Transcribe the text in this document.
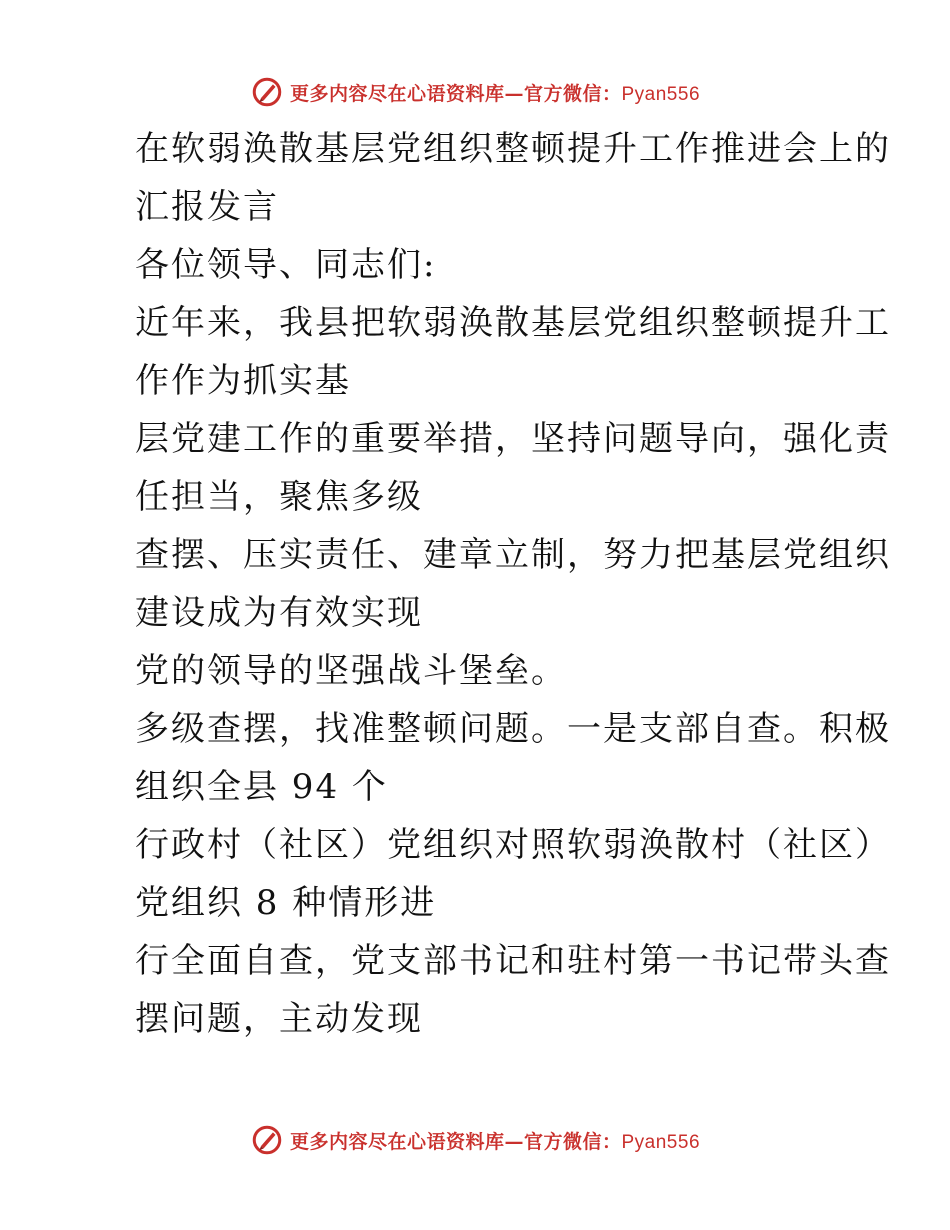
更多内容尽在心语资料库—官方微信：Pyan556

在软弱涣散基层党组织整顿提升工作推进会上的
汇报发言

各位领导、同志们:

近年来，我县把软弱涣散基层党组织整顿提升工
作作为抓实基

层党建工作的重要举措，坚持问题导向，强化责
任担当，聚焦多级

查摆、压实责任、建章立制，努力把基层党组织
建设成为有效实现

党的领导的坚强战斗堡垒。

多级查摆，找准整顿问题。一是支部自查。积极
组织全县 94 个

行政村（社区）党组织对照软弱涣散村（社区）
党组织 8 种情形进

行全面自查，党支部书记和驻村第一书记带头查
摆问题，主动发现

更多内容尽在心语资料库—官方微信：Pyan556
